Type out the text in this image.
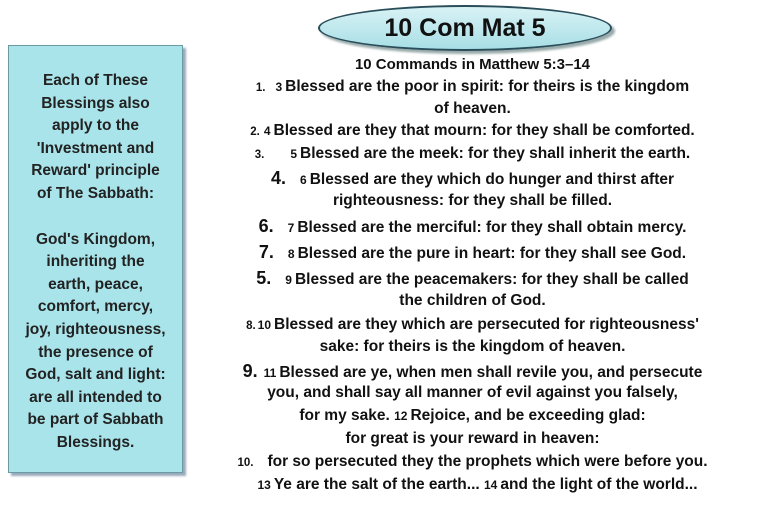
10 Com Mat 5

Each of These

Blessings also

apply to the

'Investment and

Reward' principle

of The Sabbath:

God's Kingdom,

inheriting the

earth, peace,

comfort, mercy,

joy, righteousness,

the presence of

God, salt and light:

are all intended to

be part of Sabbath

Blessings.

10 Commands in Matthew 5:3–14
1. 3 Blessed are the poor in spirit: for theirs is the kingdom
of heaven.
2. 4 Blessed are they that mourn: for they shall be comforted.
3. 5 Blessed are the meek: for they shall inherit the earth.
4. 6 Blessed are they which do hunger and thirst after
righteousness: for they shall be filled.
6. 7 Blessed are the merciful: for they shall obtain mercy.
7. 8 Blessed are the pure in heart: for they shall see God.
5. 9 Blessed are the peacemakers: for they shall be called
the children of God.
8. 10 Blessed are they which are persecuted for righteousness'
sake: for theirs is the kingdom of heaven.
9. 11 Blessed are ye, when men shall revile you, and persecute
you, and shall say all manner of evil against you falsely,
for my sake. 12 Rejoice, and be exceeding glad:
for great is your reward in heaven:
10. for so persecuted they the prophets which were before you.
13 Ye are the salt of the earth... 14 and the light of the world...
